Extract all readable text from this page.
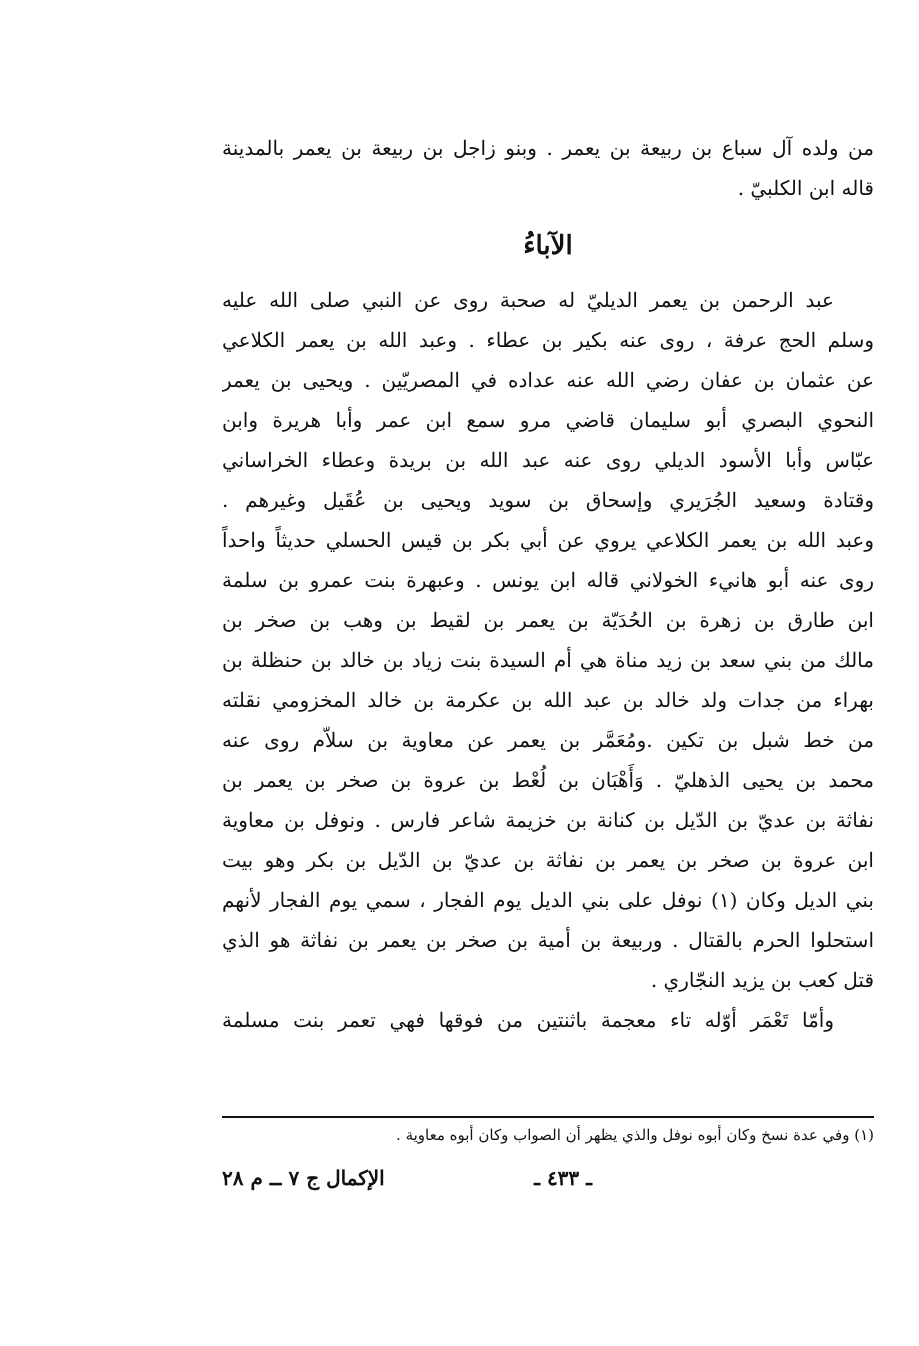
من ولده آل سباع بن ربيعة بن يعمر . وبنو زاجل بن ربيعة بن يعمر بالمدينة
قاله ابن الكلبيّ .
الآباءُ
عبد الرحمن بن يعمر الديليّ له صحبة روى عن النبي صلى الله عليه
وسلم الحج عرفة ، روى عنه بكير بن عطاء . وعبد الله بن يعمر الكلاعي
عن عثمان بن عفان رضي الله عنه عداده في المصريّين . ويحيى بن يعمر
النحوي البصري أبو سليمان قاضي مرو سمع ابن عمر وأبا هريرة وابن
عبّاس وأبا الأسود الديلي روى عنه عبد الله بن بريدة وعطاء الخراساني
وقتادة وسعيد الجُرَيري وإسحاق بن سويد ويحيى بن عُقَيل وغيرهم .
وعبد الله بن يعمر الكلاعي يروي عن أبي بكر بن قيس الحسلي حديثاً واحداً
روى عنه أبو هانيء الخولاني قاله ابن يونس . وعبهرة بنت عمرو بن سلمة
ابن طارق بن زهرة بن الحُدَيّة بن يعمر بن لقيط بن وهب بن صخر بن
مالك من بني سعد بن زيد مناة هي أم السيدة بنت زياد بن خالد بن حنظلة بن
بهراء من جدات ولد خالد بن عبد الله بن عكرمة بن خالد المخزومي نقلته
من خط شبل بن تكين .ومُعَمَّر بن يعمر عن معاوية بن سلاّم روى عنه
محمد بن يحيى الذهليّ . وَأَهْبَان بن لُعْط بن عروة بن صخر بن يعمر بن
نفاثة بن عديّ بن الدّيل بن كنانة بن خزيمة شاعر فارس . ونوفل بن معاوية
ابن عروة بن صخر بن يعمر بن نفاثة بن عديّ بن الدّيل بن بكر وهو بيت
بني الديل وكان (١) نوفل على بني الديل يوم الفجار ، سمي يوم الفجار لأنهم
استحلوا الحرم بالقتال . وربيعة بن أمية بن صخر بن يعمر بن نفاثة هو الذي
قتل كعب بن يزيد النجّاري .
وأمّا تَعْمَر أوّله تاء معجمة باثنتين من فوقها فهي تعمر بنت مسلمة
(١) وفي عدة نسخ وكان أبوه نوفل والذي يظهر أن الصواب وكان أبوه معاوية .
ـ ٤٣٣ ـ
الإكمال ج ٧ ــ م ٢٨
